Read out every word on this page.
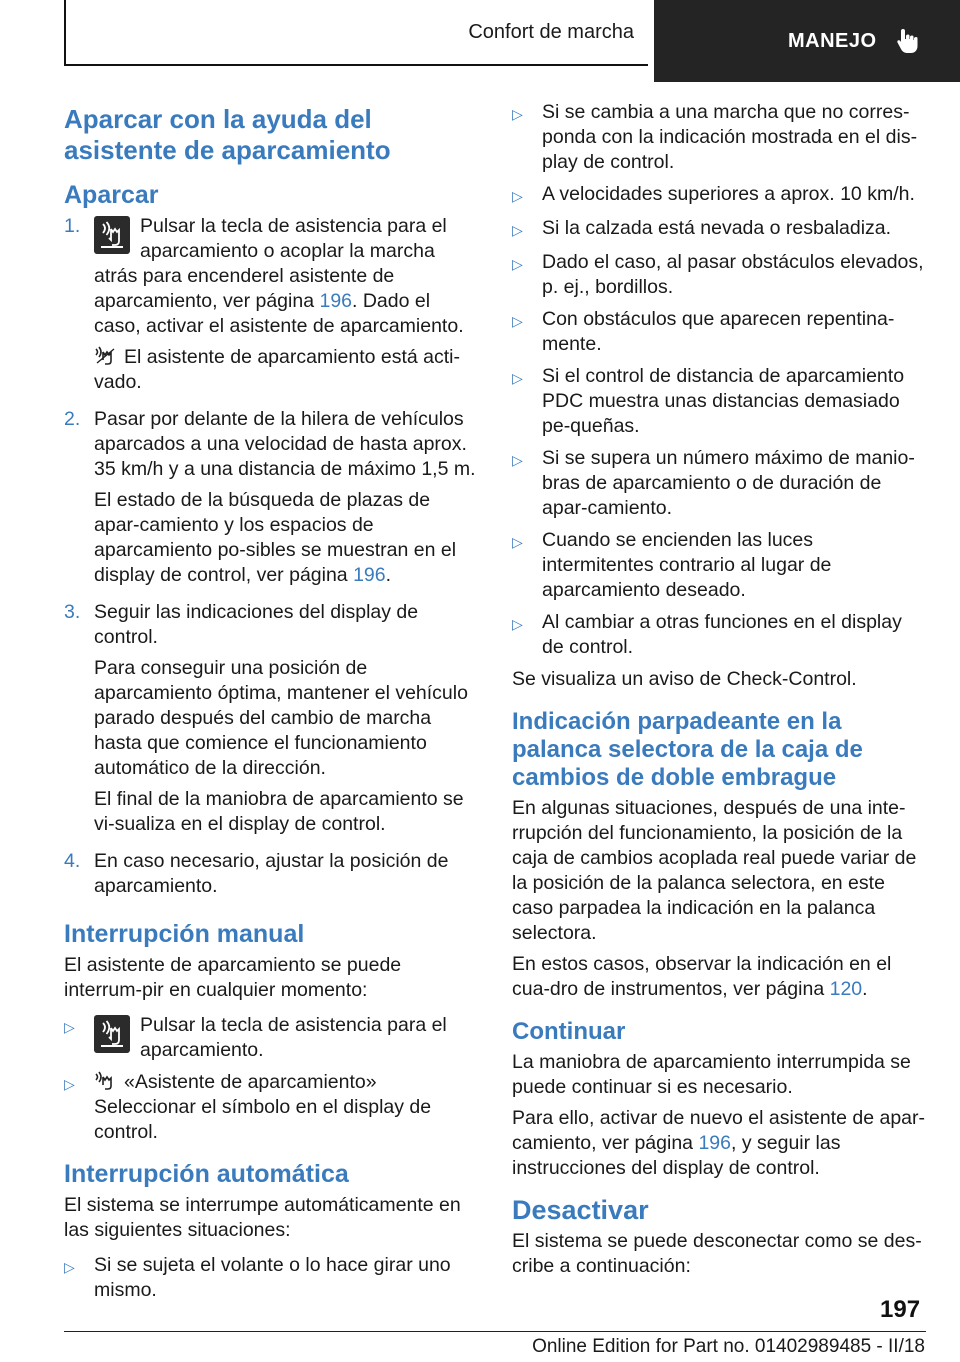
Confort de marcha	MANEJO
Aparcar con la ayuda del asistente de aparcamiento
Aparcar
1.	Pulsar la tecla de asistencia para el aparcamiento o acoplar la marcha atrás para encenderel asistente de aparcamiento, ver página 196. Dado el caso, activar el asistente de aparcamiento.

El asistente de aparcamiento está acti-vado.

2. Pasar por delante de la hilera de vehículos aparcados a una velocidad de hasta aprox. 35 km/h y a una distancia de máximo 1,5 m.

El estado de la búsqueda de plazas de apar-camiento y los espacios de aparcamiento po-sibles se muestran en el display de control, ver página 196.

3. Seguir las indicaciones del display de control.

Para conseguir una posición de aparcamiento óptima, mantener el vehículo parado después del cambio de marcha hasta que comience el funcionamiento automático de la dirección.

El final de la maniobra de aparcamiento se vi-sualiza en el display de control.

4. En caso necesario, ajustar la posición de aparcamiento.

Interrupción manual

El asistente de aparcamiento se puede interrum-pir en cualquier momento:

▷	Pulsar la tecla de asistencia para el aparcamiento.
▷	«Asistente de aparcamiento» Seleccionar el símbolo en el display de control.
Interrupción automática

El sistema se interrumpe automáticamente en las siguientes situaciones:

▷ Si se sujeta el volante o lo hace girar uno mismo.
▷ Si se cambia a una marcha que no corres-ponda con la indicación mostrada en el dis-play de control.
▷ A velocidades superiores a aprox. 10 km/h.
▷ Si la calzada está nevada o resbaladiza.
▷ Dado el caso, al pasar obstáculos elevados, p. ej., bordillos.
▷ Con obstáculos que aparecen repentina-mente.
▷ Si el control de distancia de aparcamiento PDC muestra unas distancias demasiado pe-queñas.
▷ Si se supera un número máximo de manio-bras de aparcamiento o de duración de apar-camiento.
▷ Cuando se encienden las luces intermitentes contrario al lugar de aparcamiento deseado.
▷ Al cambiar a otras funciones en el display de control.

Se visualiza un aviso de Check-Control.

Indicación parpadeante en la palanca selectora de la caja de cambios de doble embrague

En algunas situaciones, después de una inte-rrupción del funcionamiento, la posición de la caja de cambios acoplada real puede variar de la posición de la palanca selectora, en este caso parpadea la indicación en la palanca selectora.

En estos casos, observar la indicación en el cua-dro de instrumentos, ver página 120.

Continuar

La maniobra de aparcamiento interrumpida se puede continuar si es necesario.

Para ello, activar de nuevo el asistente de apar-camiento, ver página 196, y seguir las instrucciones del display de control.

Desactivar

El sistema se puede desconectar como se des-cribe a continuación:

197
Online Edition for Part no. 01402989485 - II/18
